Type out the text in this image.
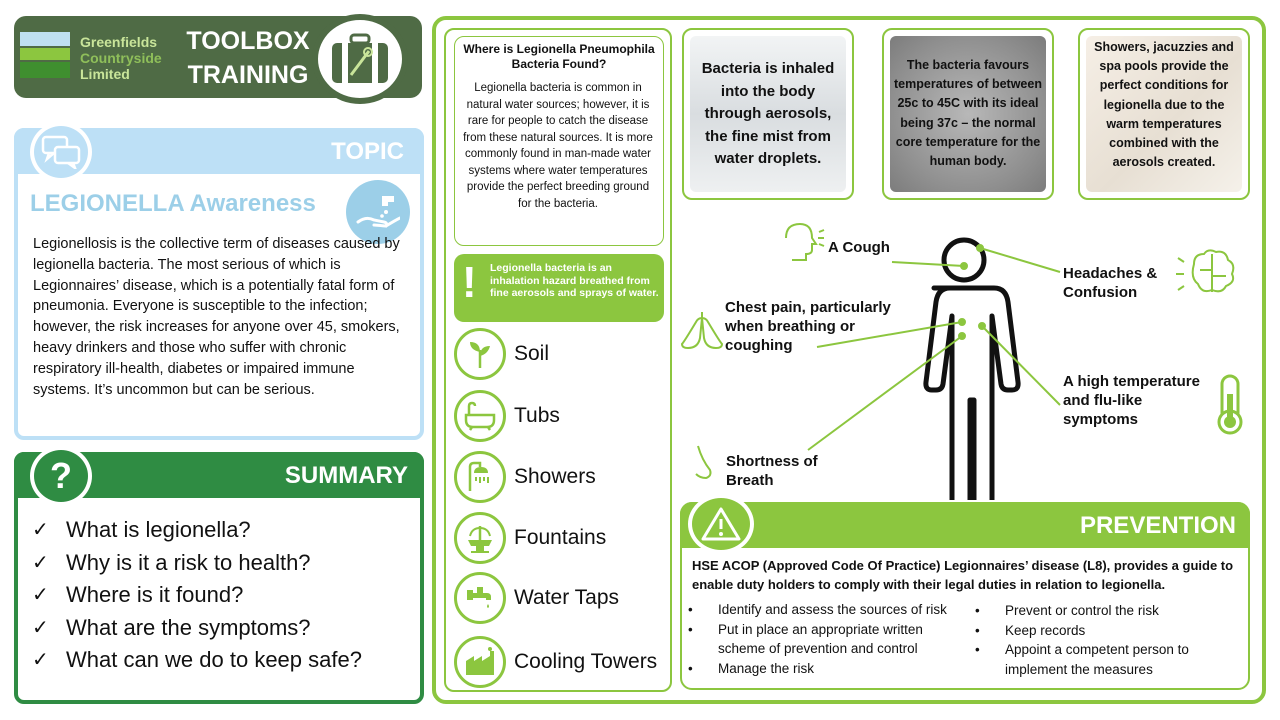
Greenfields
Countryside
Limited
TOOLBOX
TRAINING
TOPIC
LEGIONELLA Awareness
Legionellosis is the collective term of diseases caused by legionella bacteria. The most serious of which is Legionnaires’ disease, which is a potentially fatal form of pneumonia. Everyone is susceptible to the infection; however, the risk increases for anyone over 45, smokers, heavy drinkers and those who suffer with chronic respiratory ill-health, diabetes or impaired immune systems. It’s uncommon but can be serious.
SUMMARY
?
✓ What is legionella?
✓ Why is it a risk to health?
✓ Where is it found?
✓ What are the symptoms?
✓ What can we do to keep safe?
Where is Legionella Pneumophila Bacteria Found?
Legionella bacteria is common in natural water sources; however, it is rare for people to catch the disease from these natural sources. It is more commonly found in man-made water systems where water temperatures provide the perfect breeding ground for the bacteria.
! Legionella bacteria is an inhalation hazard breathed from fine aerosols and sprays of water.
Soil
Tubs
Showers
Fountains
Water Taps
Cooling Towers
Bacteria is inhaled into the body through aerosols, the fine mist from water droplets.
The bacteria favours temperatures of between 25c to 45C with its ideal being 37c – the normal core temperature for the human body.
Showers, jacuzzies and spa pools provide the perfect conditions for legionella due to the warm temperatures combined with the aerosols created.
A Cough
Headaches & Confusion
Chest pain, particularly when breathing or coughing
A high temperature and flu-like symptoms
Shortness of Breath
PREVENTION
HSE ACOP (Approved Code Of Practice) Legionnaires’ disease (L8), provides a guide to enable duty holders to comply with their legal duties in relation to legionella.
•	Identify and assess the sources of risk
•	Put in place an appropriate written scheme of prevention and control
•	Manage the risk
•	Prevent or control the risk
•	Keep records
•	Appoint a competent person to implement the measures
